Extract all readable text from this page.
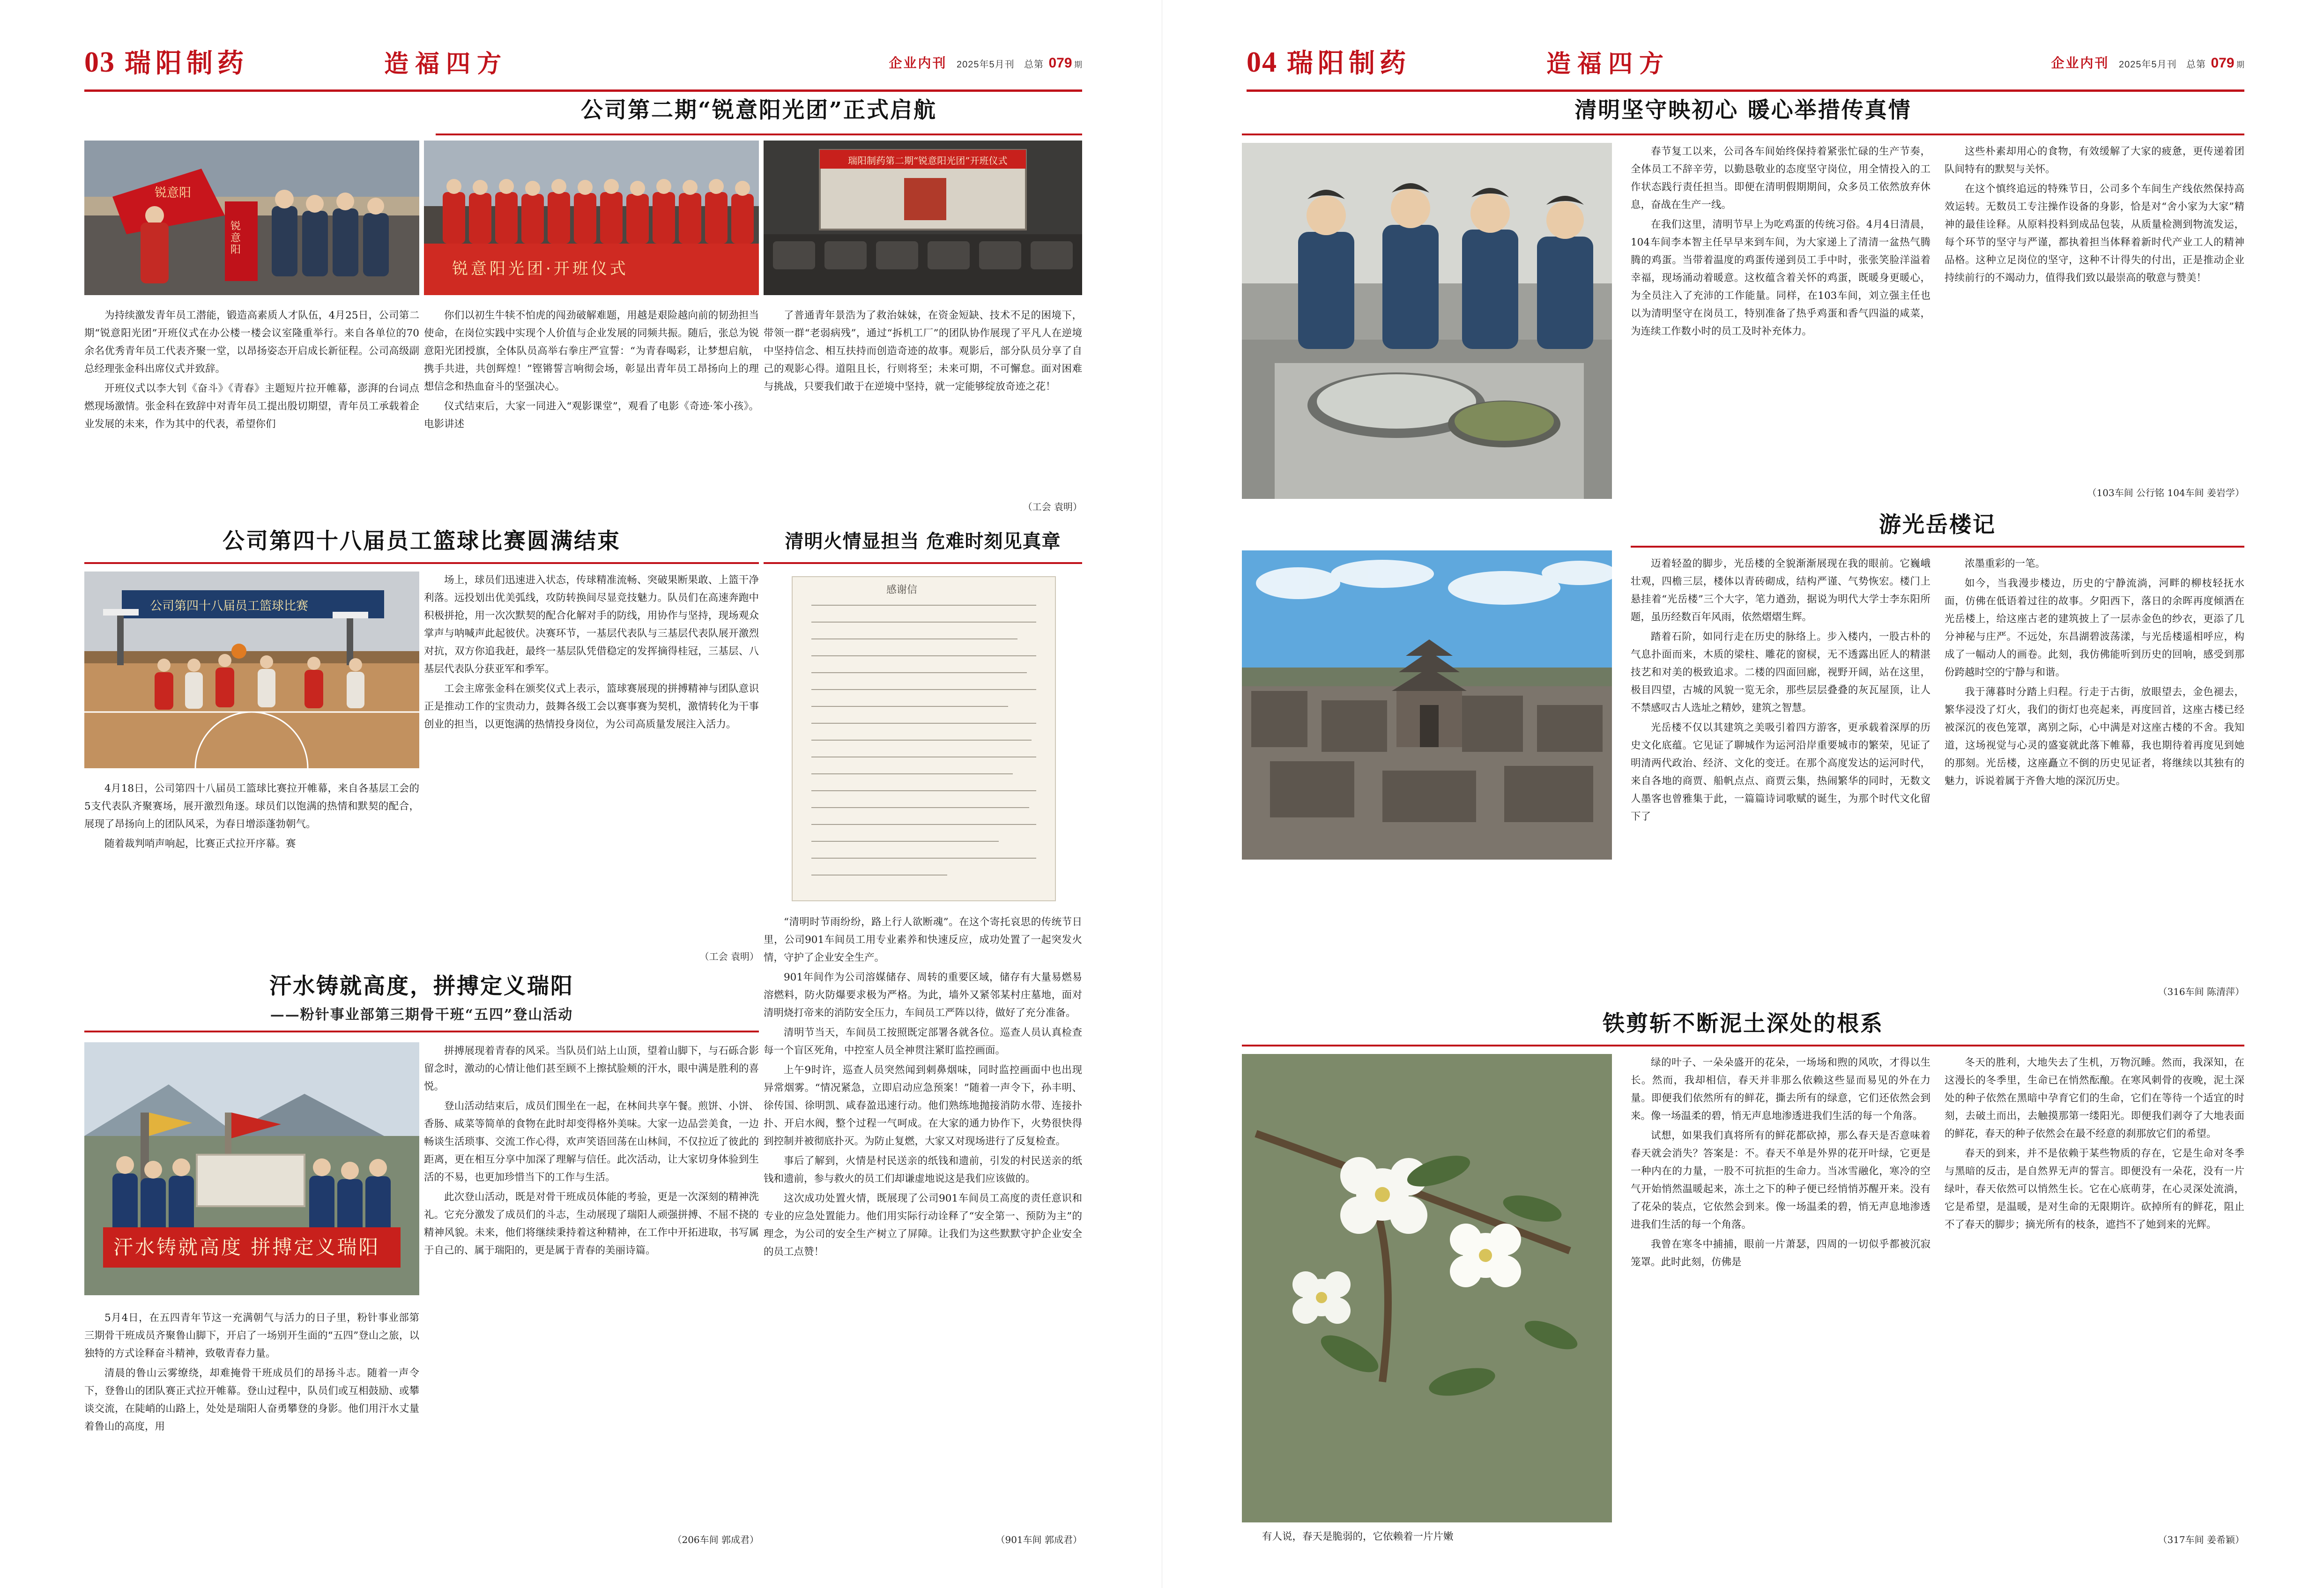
03 瑞阳制药	造福四方	企业内刊 2025年5月刊 总第 079 期
公司第二期“锐意阳光团”正式启航
锐意阳
锐
意
阳
锐意阳光团·开班仪式
瑞阳制药第二期“锐意阳光团”开班仪式

为持续激发青年员工潜能，锻造高素质人才队伍，4月25日，公司第二期“锐意阳光团”开班仪式在办公楼一楼会议室隆重举行。来自各单位的70余名优秀青年员工代表齐聚一堂，以昂扬姿态开启成长新征程。公司高级副总经理张金科出席仪式并致辞。

开班仪式以李大钊《奋斗》《青春》主题短片拉开帷幕，澎湃的台词点燃现场激情。张金科在致辞中对青年员工提出殷切期望，青年员工承载着企业发展的未来，作为其中的代表，希望你们

你们以初生牛犊不怕虎的闯劲破解难题，用越是艰险越向前的韧劲担当使命，在岗位实践中实现个人价值与企业发展的同频共振。随后，张总为锐意阳光团授旗，全体队员高举右拳庄严宣誓：“为青春喝彩，让梦想启航，携手共进，共创辉煌！”铿锵誓言响彻会场，彰显出青年员工昂扬向上的理想信念和热血奋斗的坚强决心。

仪式结束后，大家一同进入“观影课堂”，观看了电影《奇迹·笨小孩》。电影讲述

了普通青年景浩为了救治妹妹，在资金短缺、技术不足的困境下，带领一群“老弱病残”，通过“拆机工厂”的团队协作展现了平凡人在逆境中坚持信念、相互扶持而创造奇迹的故事。观影后，部分队员分享了自己的观影心得。道阻且长，行则将至；未来可期，不可懈怠。面对困难与挑战，只要我们敢于在逆境中坚持，就一定能够绽放奇迹之花！

（工会 袁明）
公司第四十八届员工篮球比赛圆满结束	清明火情显担当 危难时刻见真章
公司第四十八届员工篮球比赛

4月18日，公司第四十八届员工篮球比赛拉开帷幕，来自各基层工会的5支代表队齐聚赛场，展开激烈角逐。球员们以饱满的热情和默契的配合，展现了昂扬向上的团队风采，为春日增添蓬勃朝气。

随着裁判哨声响起，比赛正式拉开序幕。赛

场上，球员们迅速进入状态，传球精准流畅、突破果断果敢、上篮干净利落。远投划出优美弧线，攻防转换间尽显竞技魅力。队员们在高速奔跑中积极拼抢，用一次次默契的配合化解对手的防线，用协作与坚持，现场观众掌声与呐喊声此起彼伏。决赛环节，一基层代表队与三基层代表队展开激烈对抗，双方你追我赶，最终一基层队凭借稳定的发挥摘得桂冠，三基层、八基层代表队分获亚军和季军。

工会主席张金科在颁奖仪式上表示，篮球赛展现的拼搏精神与团队意识正是推动工作的宝贵动力，鼓舞各级工会以赛事赛为契机，激情转化为干事创业的担当，以更饱满的热情投身岗位，为公司高质量发展注入活力。

（工会 袁明）
汗水铸就高度，拼搏定义瑞阳
——粉针事业部第三期骨干班“五四”登山活动
汗水铸就高度 拼搏定义瑞阳

5月4日，在五四青年节这一充满朝气与活力的日子里，粉针事业部第三期骨干班成员齐聚鲁山脚下，开启了一场别开生面的“五四”登山之旅，以独特的方式诠释奋斗精神，致敬青春力量。

清晨的鲁山云雾缭绕，却难掩骨干班成员们的昂扬斗志。随着一声令下，登鲁山的团队赛正式拉开帷幕。登山过程中，队员们或互相鼓励、或攀谈交流，在陡峭的山路上，处处是瑞阳人奋勇攀登的身影。他们用汗水丈量着鲁山的高度，用

拼搏展现着青春的风采。当队员们站上山顶，望着山脚下，与石砾合影留念时，激动的心情让他们甚至顾不上擦拭脸颊的汗水，眼中满是胜利的喜悦。

登山活动结束后，成员们围坐在一起，在林间共享午餐。煎饼、小饼、香肠、咸菜等简单的食物在此时却变得格外美味。大家一边品尝美食，一边畅谈生活琐事、交流工作心得，欢声笑语回荡在山林间，不仅拉近了彼此的距离，更在相互分享中加深了理解与信任。此次活动，让大家切身体验到生活的不易，也更加珍惜当下的工作与生活。

此次登山活动，既是对骨干班成员体能的考验，更是一次深刻的精神洗礼。它充分激发了成员们的斗志，生动展现了瑞阳人顽强拼搏、不屈不挠的精神风貌。未来，他们将继续秉持着这种精神，在工作中开拓进取，书写属于自己的、属于瑞阳的，更是属于青春的美丽诗篇。

（206车间 郭成君）
感谢信

“清明时节雨纷纷，路上行人欲断魂”。在这个寄托哀思的传统节日里，公司901车间员工用专业素养和快速反应，成功处置了一起突发火情，守护了企业安全生产。

901年间作为公司溶媒储存、周转的重要区域，储存有大量易燃易溶燃料，防火防爆要求极为严格。为此，墙外又紧邻某村庄墓地，面对清明烧打帝来的消防安全压力，车间员工严阵以待，做好了充分准备。

清明节当天，车间员工按照既定部署各就各位。巡查人员认真检查每一个盲区死角，中控室人员全神贯注紧盯监控画面。

上午9时许，巡查人员突然闻到刺鼻烟味，同时监控画面中也出现异常烟雾。“情况紧急，立即启动应急预案！”随着一声令下，孙丰明、徐传国、徐明凯、咸春盈迅速行动。他们熟练地抛接消防水带、连接扑扑、开启水阀，整个过程一气呵成。在大家的通力协作下，火势很快得到控制并被彻底扑灭。为防止复燃，大家又对现场进行了反复检查。

事后了解到，火情是村民送亲的纸钱和遗前，引发的村民送亲的纸钱和遗前，参与救火的员工们却谦虚地说这是我们应该做的。

这次成功处置火情，既展现了公司901车间员工高度的责任意识和专业的应急处置能力。他们用实际行动诠释了“安全第一、预防为主”的理念，为公司的安全生产树立了屏障。让我们为这些默默守护企业安全的员工点赞！

（901车间 郭成君）
04 瑞阳制药	造福四方	企业内刊 2025年5月刊 总第 079 期
清明坚守映初心 暖心举措传真情

春节复工以来，公司各车间始终保持着紧张忙碌的生产节奏，全体员工不辞辛劳，以勤恳敬业的态度坚守岗位，用全情投入的工作状态践行责任担当。即便在清明假期期间，众多员工依然放弃休息，奋战在生产一线。

在我们这里，清明节早上为吃鸡蛋的传统习俗。4月4日清晨，104车间李本智主任早早来到车间，为大家递上了清清一盆热气腾腾的鸡蛋。当带着温度的鸡蛋传递到员工手中时，张张笑脸洋溢着幸福，现场涌动着暖意。这枚蕴含着关怀的鸡蛋，既暖身更暖心，为全员注入了充沛的工作能量。同样，在103车间，刘立强主任也以为清明坚守在岗员工，特别准备了热乎鸡蛋和香气四溢的咸菜，为连续工作数小时的员工及时补充体力。

这些朴素却用心的食物，有效缓解了大家的疲惫，更传递着团队间特有的默契与关怀。

在这个慎终追远的特殊节日，公司多个车间生产线依然保持高效运转。无数员工专注操作设备的身影，恰是对“舍小家为大家”精神的最佳诠释。从原料投料到成品包装，从质量检测到物流发运，每个环节的坚守与严谨，都执着担当体释着新时代产业工人的精神品格。这种立足岗位的坚守，这种不计得失的付出，正是推动企业持续前行的不竭动力，值得我们致以最崇高的敬意与赞美！

（103车间 公行铭 104车间 姜岩学）
游光岳楼记

迈着轻盈的脚步，光岳楼的全貌渐渐展现在我的眼前。它巍峨壮观，四檐三层，楼体以青砖砌成，结构严谨、气势恢宏。楼门上悬挂着“光岳楼”三个大字，笔力遒劲，据说为明代大学士李东阳所题，虽历经数百年风雨，依然熠熠生辉。

踏着石阶，如同行走在历史的脉络上。步入楼内，一股古朴的气息扑面而来，木质的梁柱、雕花的窗棂，无不透露出匠人的精湛技艺和对美的极致追求。二楼的四面回廊，视野开阔，站在这里，极目四望，古城的风貌一览无余，那些层层叠叠的灰瓦屋顶，让人不禁感叹古人选址之精妙，建筑之智慧。

光岳楼不仅以其建筑之美吸引着四方游客，更承载着深厚的历史文化底蕴。它见证了聊城作为运河沿岸重要城市的繁荣，见证了明清两代政治、经济、文化的变迁。在那个高度发达的运河时代，来自各地的商贾、船帆点点、商贾云集，热闹繁华的同时，无数文人墨客也曾雅集于此，一篇篇诗词歌赋的诞生，为那个时代文化留下了

浓墨重彩的一笔。

如今，当我漫步楼边，历史的宁静流淌，河畔的柳枝轻抚水面，仿佛在低语着过往的故事。夕阳西下，落日的余晖再度倾洒在光岳楼上，给这座古老的建筑披上了一层赤金色的纱衣，更添了几分神秘与庄严。不远处，东昌湖碧波荡漾，与光岳楼遥相呼应，构成了一幅动人的画卷。此刻，我仿佛能听到历史的回响，感受到那份跨越时空的宁静与和谐。

我于薄暮时分踏上归程。行走于古街，放眼望去，金色褪去，繁华浸没了灯火，我们的街灯也亮起来，再度回首，这座古楼已经被深沉的夜色笼罩，离别之际，心中满是对这座古楼的不舍。我知道，这场视觉与心灵的盛宴就此落下帷幕，我也期待着再度见到她的那刻。光岳楼，这座矗立不倒的历史见证者，将继续以其独有的魅力，诉说着属于齐鲁大地的深沉历史。

（316车间 陈清萍）
铁剪斩不断泥土深处的根系

绿的叶子、一朵朵盛开的花朵，一场场和煦的风吹，才得以生长。然而，我却相信，春天并非那么依赖这些显而易见的外在力量。即便我们依然所有的鲜花，撕去所有的绿意，它们还依然会到来。像一场温柔的碧，悄无声息地渗透进我们生活的每一个角落。

试想，如果我们真将所有的鲜花都砍掉，那么春天是否意味着春天就会消失？答案是：不。春天不单是外界的花开叶绿，它更是一种内在的力量，一股不可抗拒的生命力。当冰雪融化，寒冷的空气开始悄然温暖起来，冻土之下的种子便已经悄悄苏醒开来。没有了花朵的装点，它依然会到来。像一场温柔的碧，悄无声息地渗透进我们生活的每一个角落。

我曾在寒冬中捕捕，眼前一片萧瑟，四周的一切似乎都被沉寂笼罩。此时此刻，仿佛是

有人说，春天是脆弱的，它依赖着一片片嫩

冬天的胜利，大地失去了生机，万物沉睡。然而，我深知，在这漫长的冬季里，生命已在悄然酝酿。在寒风刺骨的夜晚，泥土深处的种子依然在黑暗中孕育它们的生命，它们在等待一个适宜的时刻，去破土而出，去触摸那第一缕阳光。即便我们剥夺了大地表面的鲜花，春天的种子依然会在最不经意的刹那放它们的希望。

春天的到来，并不是依赖于某些物质的存在，它是生命对冬季与黑暗的反击，是自然界无声的誓言。即便没有一朵花，没有一片绿叶，春天依然可以悄然生长。它在心底萌芽，在心灵深处流淌，它是希望，是温暖，是对生命的无限期许。砍掉所有的鲜花，阻止不了春天的脚步；摘光所有的枝条，遮挡不了她到来的光辉。

（317车间 姜希颖）
